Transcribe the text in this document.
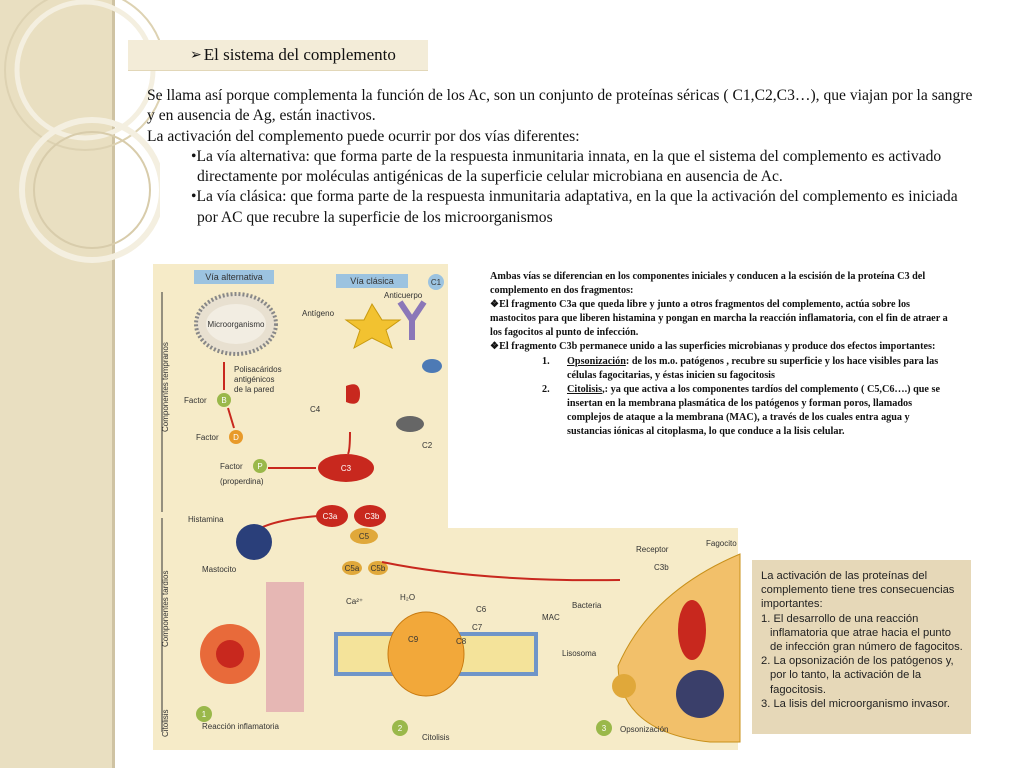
➢ El sistema del complemento

Se llama así porque complementa la función de los Ac, son un conjunto de proteínas séricas ( C1,C2,C3…), que viajan por la sangre y en ausencia de Ag, están inactivos.

La activación del complemento puede ocurrir por dos vías diferentes:

•La vía alternativa: que forma parte de la respuesta inmunitaria innata, en la que el sistema del complemento es activado directamente por moléculas antigénicas de la superficie celular microbiana en ausencia de Ac.

•La vía clásica: que forma parte de la respuesta inmunitaria adaptativa, en la que la activación del complemento es iniciada por AC que recubre la superficie de los microorganismos

Vía alternativa	Vía clásica
Componentes tempranos
Componentes tardíos
Citolisis
Microorganismo
Polisacáridos
antigénicos
de la pared
Antígeno
Anticuerpo
C1
Factor B
Factor D
Factor P
(properdina)
C4
C2
C3
C3a	C3b
C5
C5a C5b
Histamina
Mastocito
Reacción inflamatoria
1
C9	C8
C7
C6
H₂O
Ca²⁺
MAC
2
Citolisis
Receptor
Fagocito
C3b
Bacteria
Lisosoma
3 Opsonización

Ambas vías se diferencian en los componentes iniciales y conducen a la escisión de la proteína C3 del complemento en dos fragmentos:

❖El fragmento C3a que queda libre y junto a otros fragmentos del complemento, actúa sobre los mastocitos para que liberen histamina y pongan en marcha la reacción inflamatoria, con el fin de atraer a los fagocitos al punto de infección.

❖El fragmento C3b permanece unido a las superficies microbianas y produce dos efectos importantes:

1. Opsonización: de los m.o. patógenos , recubre su superficie y los hace visibles para las células fagocitarias, y éstas inicien su fagocitosis
2. Citolisis,: ya que activa a los componentes tardíos del complemento ( C5,C6….) que se insertan en la membrana plasmática de los patógenos y forman poros, llamados complejos de ataque a la membrana (MAC), a través de los cuales entra agua y sustancias iónicas al citoplasma, lo que conduce a la lisis celular.

La activación de las proteínas del complemento tiene tres consecuencias importantes:

1. El desarrollo de una reacción inflamatoria que atrae hacia el punto de infección gran número de fagocitos.

2. La opsonización de los patógenos y, por lo tanto, la activación de la fagocitosis.

3. La lisis del microorganismo invasor.
